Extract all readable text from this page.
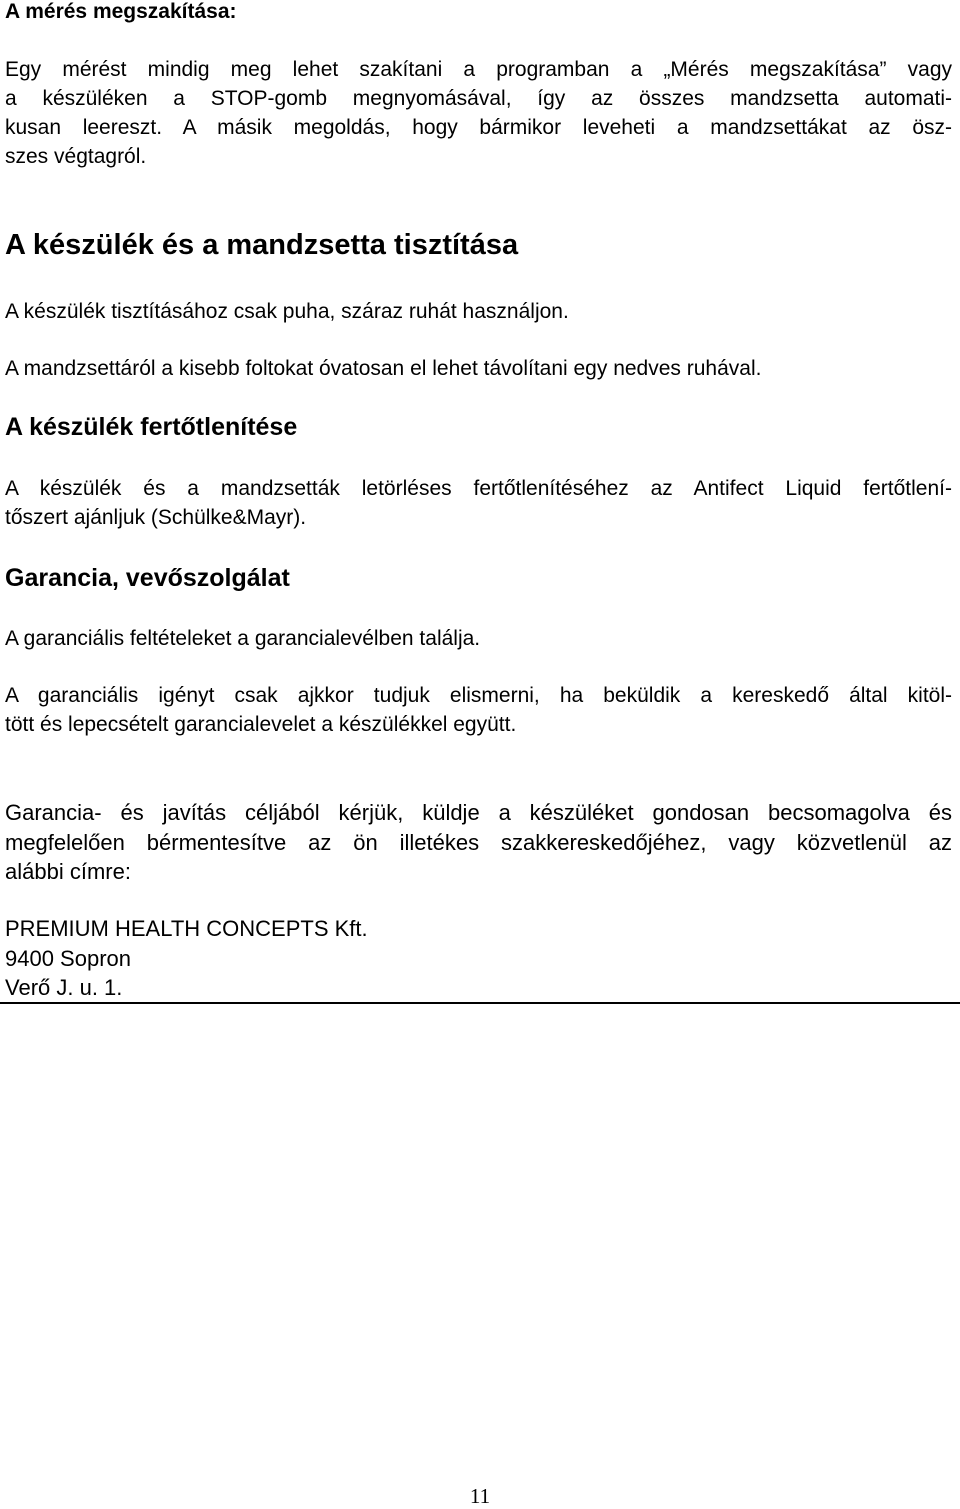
A mérés megszakítása:
Egy mérést mindig meg lehet szakítani a programban a „Mérés megszakítása” vagy
a készüléken a STOP-gomb megnyomásával, így az összes mandzsetta automati-
kusan leereszt. A másik megoldás, hogy bármikor leveheti a mandzsettákat az ösz-
szes végtagról.
A készülék és a mandzsetta tisztítása
A készülék tisztításához csak puha, száraz ruhát használjon.
A mandzsettáról a kisebb foltokat óvatosan el lehet távolítani egy nedves ruhával.
A készülék fertőtlenítése
A készülék és a mandzsetták letörléses fertőtlenítéséhez az Antifect Liquid fertőtlení-
tőszert ajánljuk (Schülke&Mayr).
Garancia, vevőszolgálat
A garanciális feltételeket a garancialevélben találja.
A garanciális igényt csak ajkkor tudjuk elismerni, ha beküldik a kereskedő által kitöl-
tött és lepecsételt garancialevelet a készülékkel együtt.
Garancia- és javítás céljából kérjük, küldje a készüléket gondosan becsomagolva és
megfelelően bérmentesítve az ön illetékes szakkereskedőjéhez, vagy közvetlenül az
alábbi címre:
PREMIUM HEALTH CONCEPTS Kft.
9400 Sopron
Verő J. u. 1.
11
